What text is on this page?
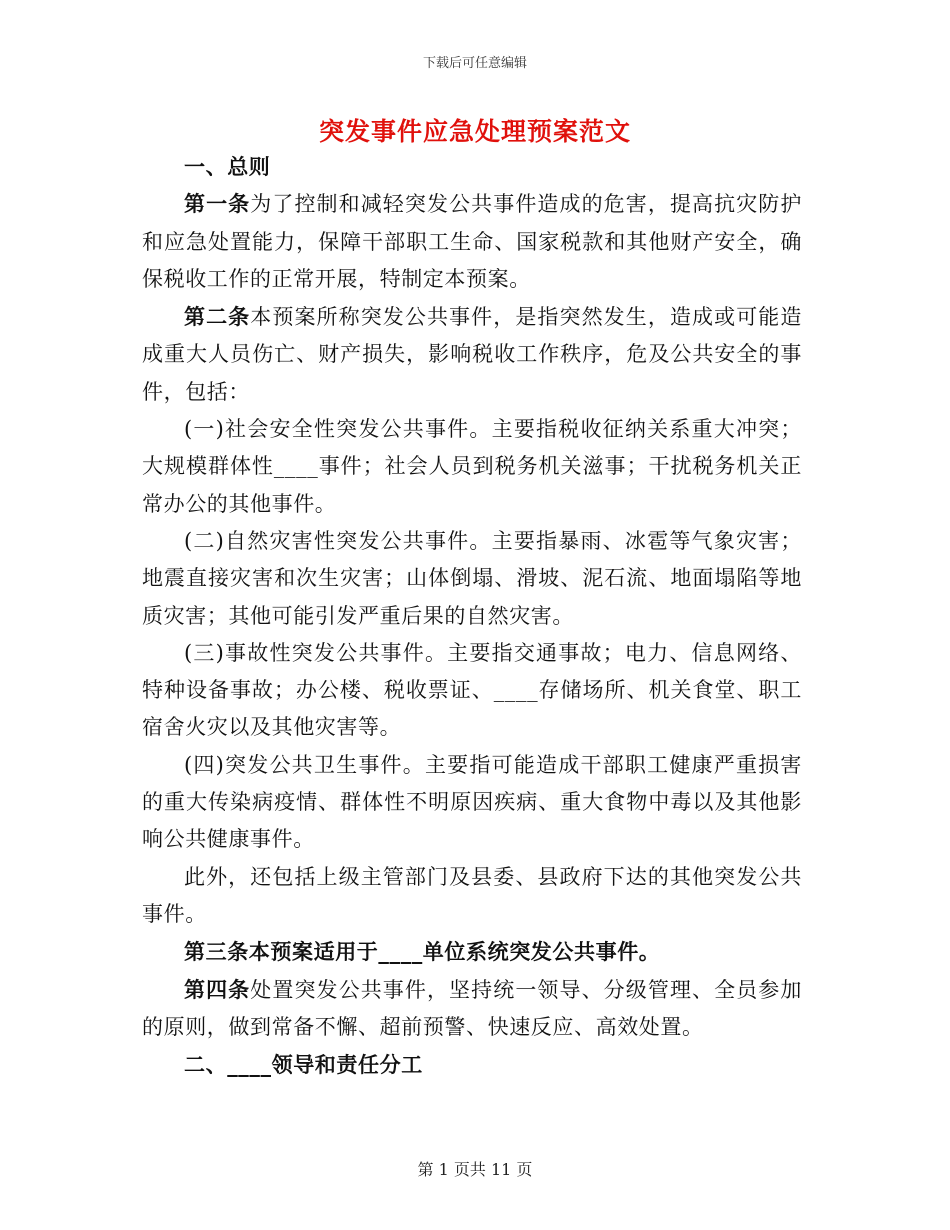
下载后可任意编辑
突发事件应急处理预案范文

一、总则

第一条为了控制和减轻突发公共事件造成的危害，提高抗灾防护和应急处置能力，保障干部职工生命、国家税款和其他财产安全，确保税收工作的正常开展，特制定本预案。

第二条本预案所称突发公共事件，是指突然发生，造成或可能造成重大人员伤亡、财产损失，影响税收工作秩序，危及公共安全的事件，包括：

(一)社会安全性突发公共事件。主要指税收征纳关系重大冲突；大规模群体性____事件；社会人员到税务机关滋事；干扰税务机关正常办公的其他事件。

(二)自然灾害性突发公共事件。主要指暴雨、冰雹等气象灾害；地震直接灾害和次生灾害；山体倒塌、滑坡、泥石流、地面塌陷等地质灾害；其他可能引发严重后果的自然灾害。

(三)事故性突发公共事件。主要指交通事故；电力、信息网络、特种设备事故；办公楼、税收票证、____存储场所、机关食堂、职工宿舍火灾以及其他灾害等。

(四)突发公共卫生事件。主要指可能造成干部职工健康严重损害的重大传染病疫情、群体性不明原因疾病、重大食物中毒以及其他影响公共健康事件。

此外，还包括上级主管部门及县委、县政府下达的其他突发公共事件。

第三条本预案适用于____单位系统突发公共事件。

第四条处置突发公共事件，坚持统一领导、分级管理、全员参加的原则，做到常备不懈、超前预警、快速反应、高效处置。

二、____领导和责任分工

第 1 页共 11 页
